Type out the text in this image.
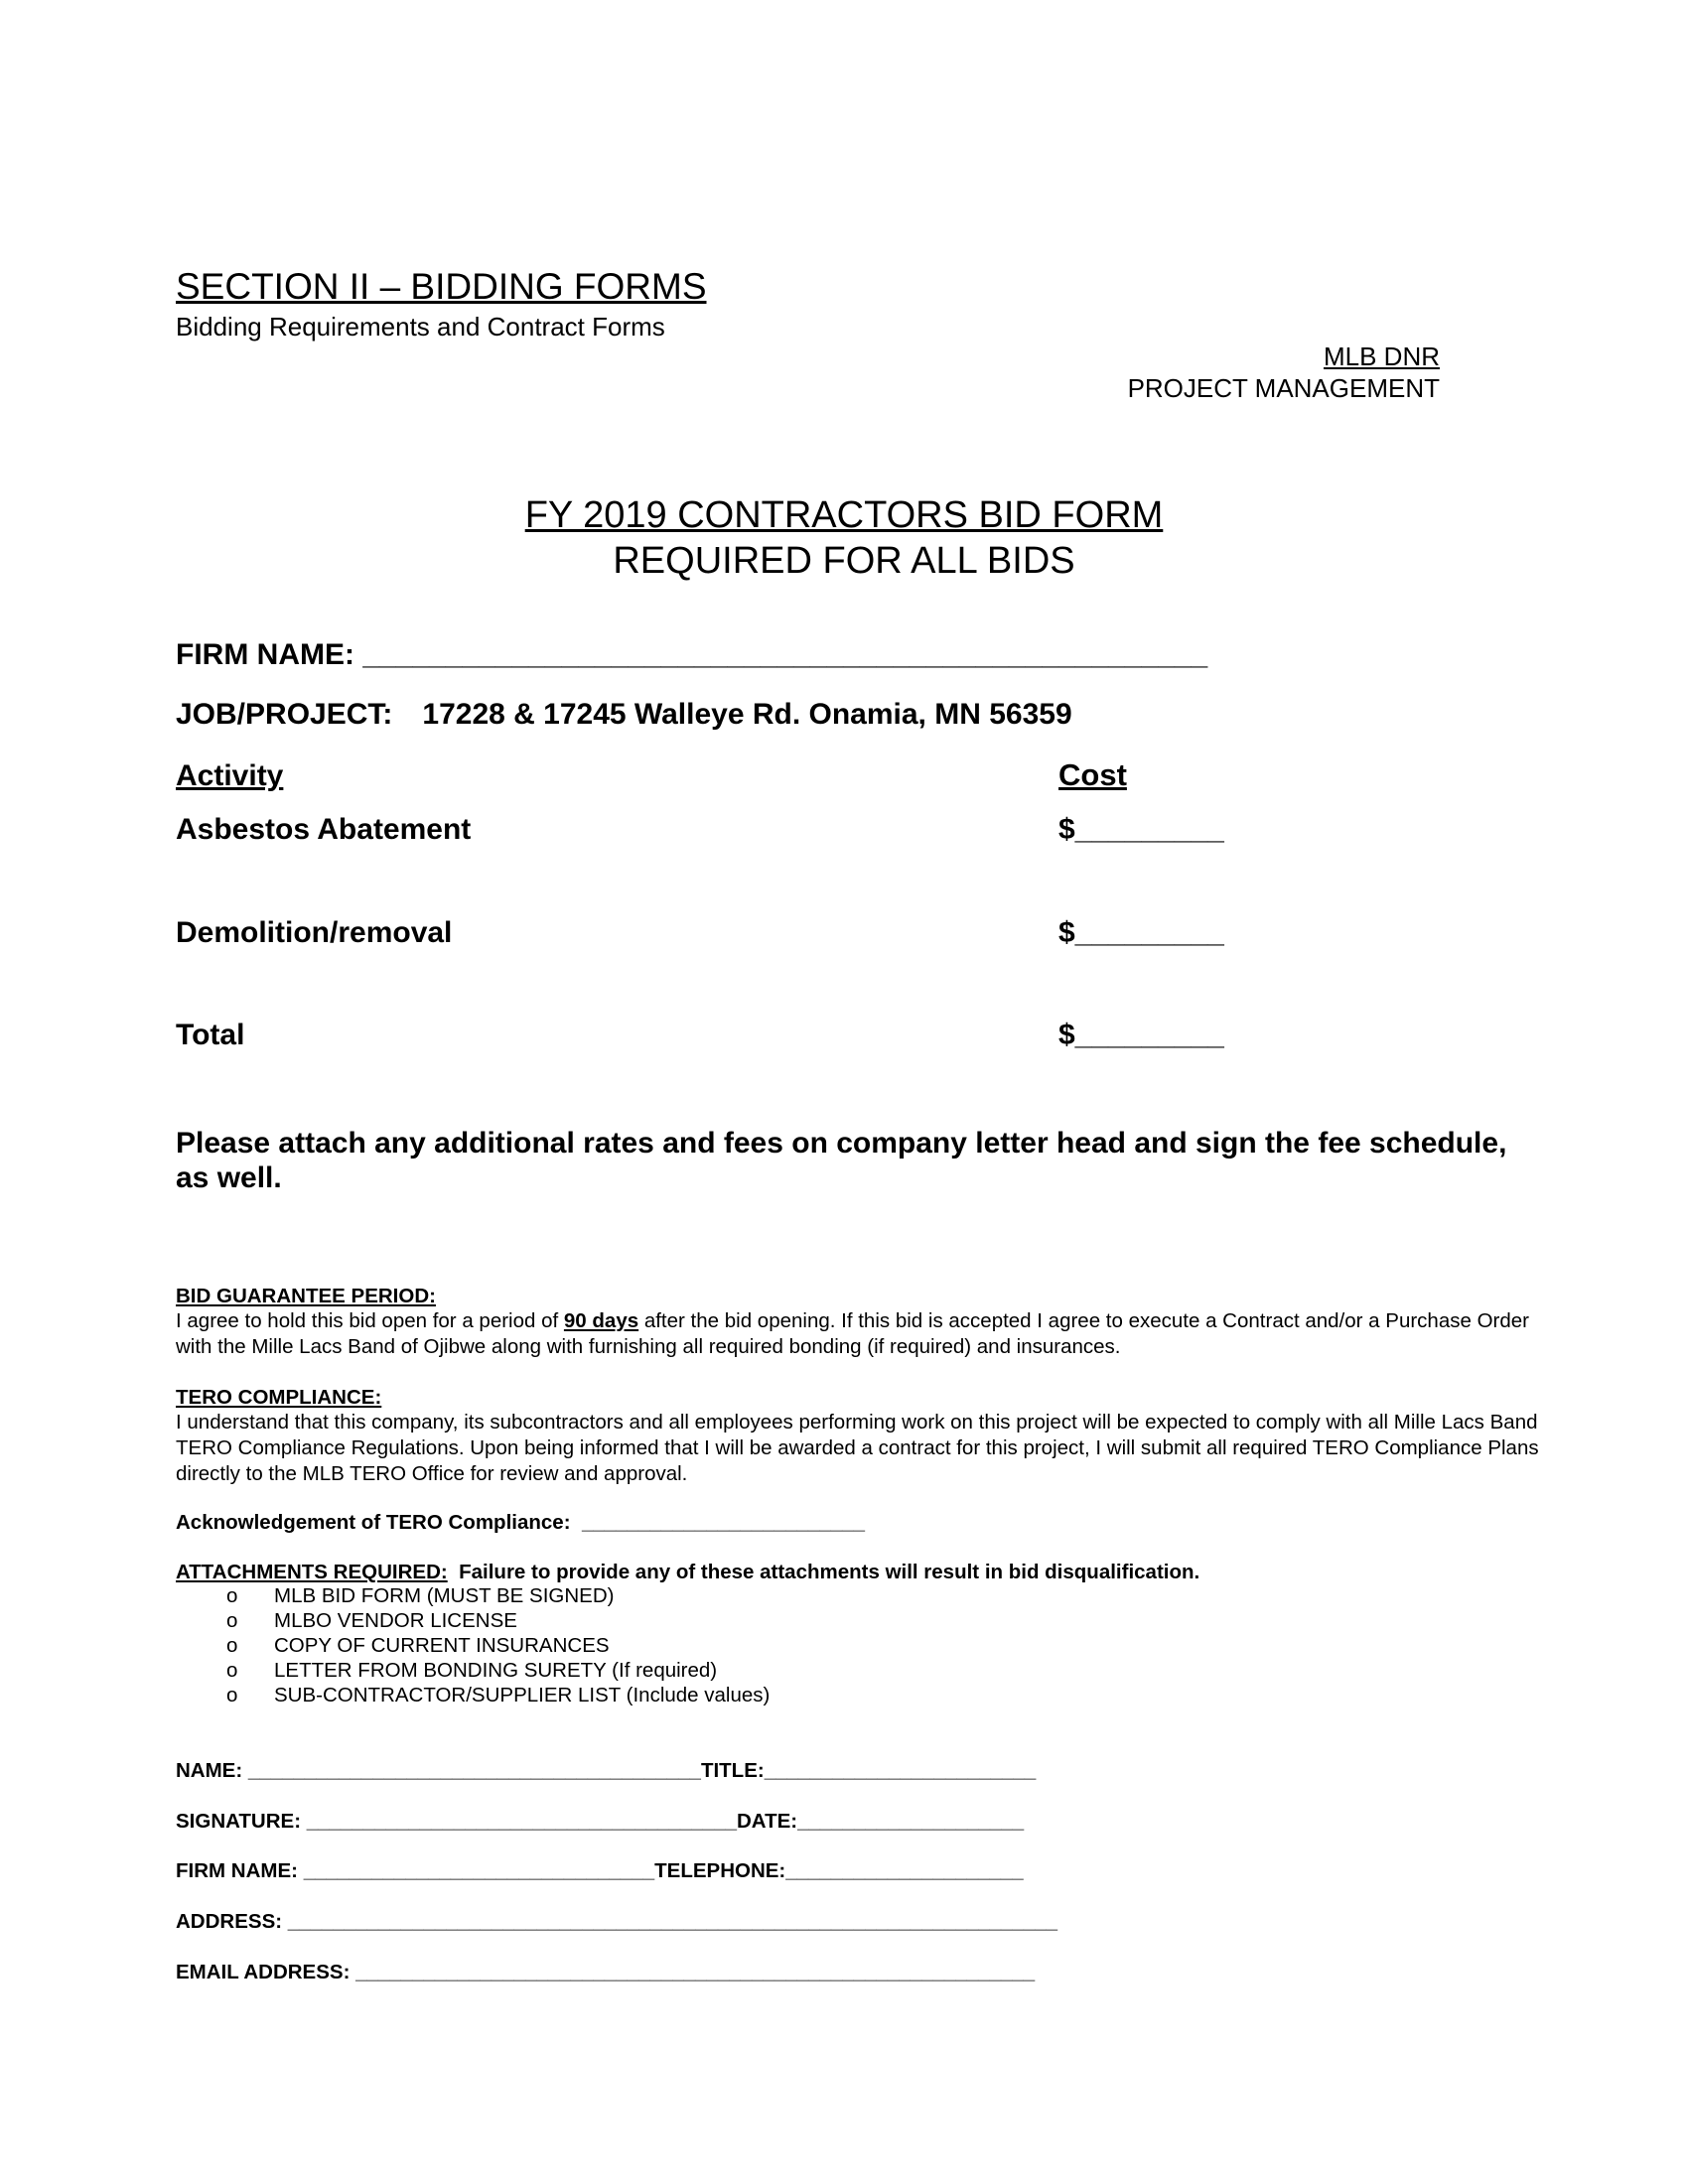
SECTION II – BIDDING FORMS
Bidding Requirements and Contract Forms
MLB DNR
PROJECT MANAGEMENT
FY 2019 CONTRACTORS BID FORM
REQUIRED FOR ALL BIDS
FIRM NAME: ___________________________________________________
JOB/PROJECT: 17228 & 17245 Walleye Rd. Onamia, MN 56359
Activity	Cost
Asbestos Abatement	$_________
Demolition/removal	$_________
Total	$_________
Please attach any additional rates and fees on company letter head and sign the fee schedule, as well.
BID GUARANTEE PERIOD:
I agree to hold this bid open for a period of 90 days after the bid opening. If this bid is accepted I agree to execute a Contract and/or a Purchase Order with the Mille Lacs Band of Ojibwe along with furnishing all required bonding (if required) and insurances.
TERO COMPLIANCE:
I understand that this company, its subcontractors and all employees performing work on this project will be expected to comply with all Mille Lacs Band TERO Compliance Regulations. Upon being informed that I will be awarded a contract for this project, I will submit all required TERO Compliance Plans directly to the MLB TERO Office for review and approval.
Acknowledgement of TERO Compliance: _________________________
ATTACHMENTS REQUIRED: Failure to provide any of these attachments will result in bid disqualification.
o MLB BID FORM (MUST BE SIGNED)
o MLBO VENDOR LICENSE
o COPY OF CURRENT INSURANCES
o LETTER FROM BONDING SURETY (If required)
o SUB-CONTRACTOR/SUPPLIER LIST (Include values)
NAME: ________________________________________TITLE:________________________
SIGNATURE: ______________________________________DATE:____________________
FIRM NAME: _______________________________TELEPHONE:_____________________
ADDRESS: ____________________________________________________________________
EMAIL ADDRESS: ____________________________________________________________
